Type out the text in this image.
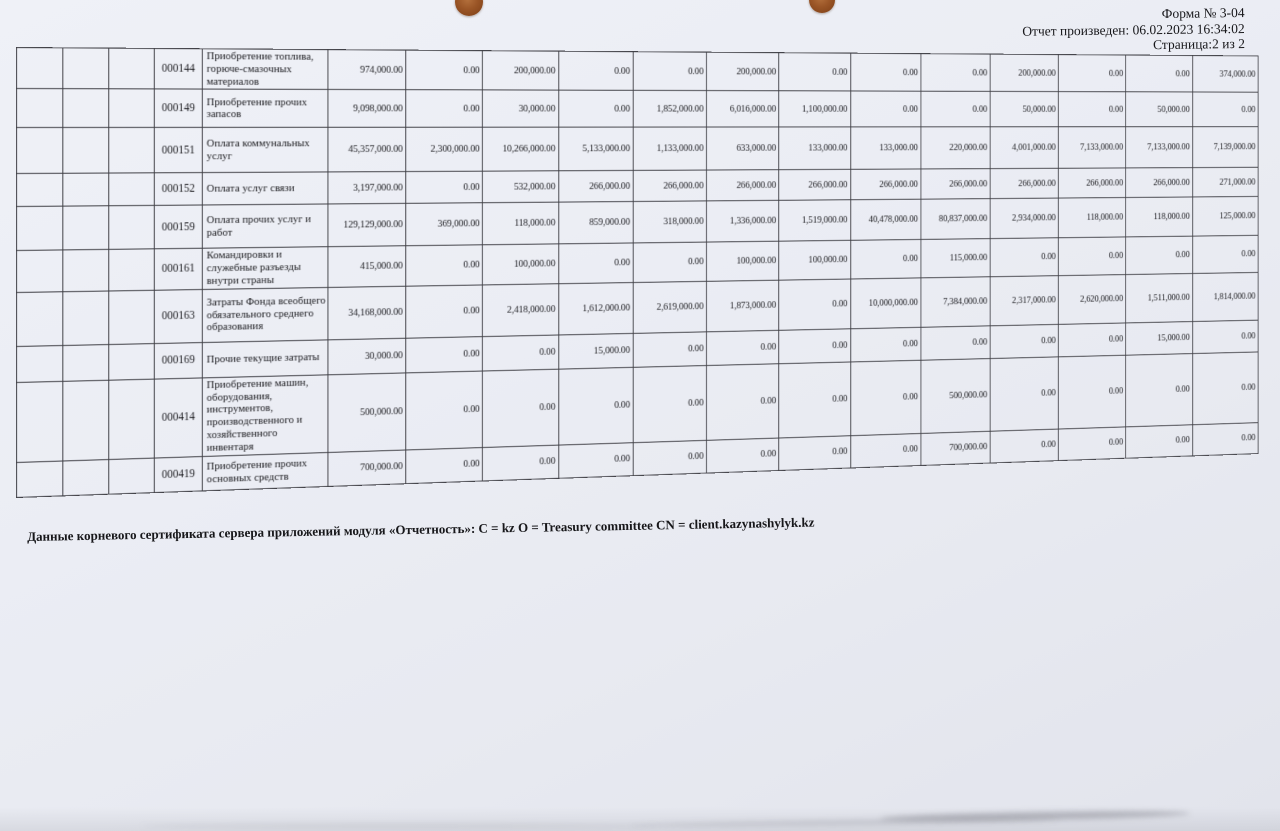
Форма № 3-04
Отчет произведен: 06.02.2023 16:34:02
Страница:2 из 2
			000144	Приобретение топлива, горюче-смазочных материалов	974,000.00	0.00	200,000.00	0.00	0.00	200,000.00	0.00	0.00	0.00	200,000.00	0.00	0.00	374,000.00
			000149	Приобретение прочих запасов	9,098,000.00	0.00	30,000.00	0.00	1,852,000.00	6,016,000.00	1,100,000.00	0.00	0.00	50,000.00	0.00	50,000.00	0.00
			000151	Оплата коммунальных услуг	45,357,000.00	2,300,000.00	10,266,000.00	5,133,000.00	1,133,000.00	633,000.00	133,000.00	133,000.00	220,000.00	4,001,000.00	7,133,000.00	7,133,000.00	7,139,000.00
			000152	Оплата услуг связи	3,197,000.00	0.00	532,000.00	266,000.00	266,000.00	266,000.00	266,000.00	266,000.00	266,000.00	266,000.00	266,000.00	266,000.00	271,000.00
			000159	Оплата прочих услуг и работ	129,129,000.00	369,000.00	118,000.00	859,000.00	318,000.00	1,336,000.00	1,519,000.00	40,478,000.00	80,837,000.00	2,934,000.00	118,000.00	118,000.00	125,000.00
			000161	Командировки и служебные разъезды внутри страны	415,000.00	0.00	100,000.00	0.00	0.00	100,000.00	100,000.00	0.00	115,000.00	0.00	0.00	0.00	0.00
			000163	Затраты Фонда всеобщего обязательного среднего образования	34,168,000.00	0.00	2,418,000.00	1,612,000.00	2,619,000.00	1,873,000.00	0.00	10,000,000.00	7,384,000.00	2,317,000.00	2,620,000.00	1,511,000.00	1,814,000.00
			000169	Прочие текущие затраты	30,000.00	0.00	0.00	15,000.00	0.00	0.00	0.00	0.00	0.00	0.00	0.00	15,000.00	0.00
			000414	Приобретение машин, оборудования, инструментов, производственного и хозяйственного инвентаря	500,000.00	0.00	0.00	0.00	0.00	0.00	0.00	0.00	500,000.00	0.00	0.00	0.00	0.00
			000419	Приобретение прочих основных средств	700,000.00	0.00	0.00	0.00	0.00	0.00	0.00	0.00	700,000.00	0.00	0.00	0.00	0.00
Данные корневого сертификата сервера приложений модуля «Отчетность»: C = kz O = Treasury committee CN = client.kazynashylyk.kz
